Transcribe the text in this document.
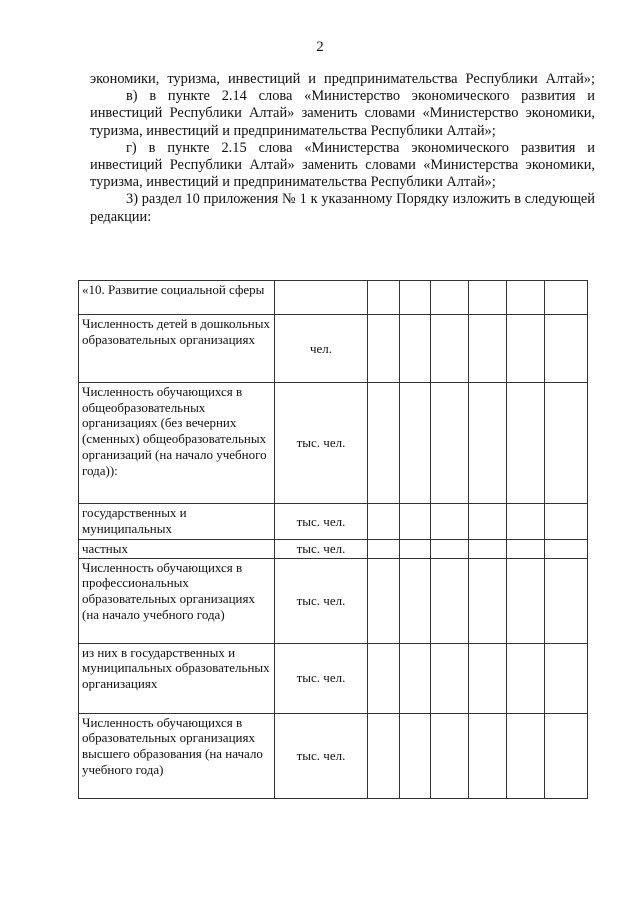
2

экономики, туризма, инвестиций и предпринимательства Республики Алтай»;

в) в пункте 2.14 слова «Министерство экономического развития и инвестиций Республики Алтай» заменить словами «Министерство экономики, туризма, инвестиций и предпринимательства Республики Алтай»;

г) в пункте 2.15 слова «Министерства экономического развития и инвестиций Республики Алтай» заменить словами «Министерства экономики, туризма, инвестиций и предпринимательства Республики Алтай»;

3) раздел 10 приложения № 1 к указанному Порядку изложить в следующей редакции:

«10. Развитие социальной сферы							
Численность детей в дошкольных образовательных организациях	чел.						
Численность обучающихся в общеобразовательных организациях (без вечерних (сменных) общеобразовательных организаций (на начало учебного года)):	тыс. чел.						
государственных и муниципальных	тыс. чел.						
частных	тыс. чел.						
Численность обучающихся в профессиональных образовательных организациях (на начало учебного года)	тыс. чел.						
из них в государственных и муниципальных образовательных организациях	тыс. чел.						
Численность обучающихся в образовательных организациях высшего образования (на начало учебного года)	тыс. чел.						
